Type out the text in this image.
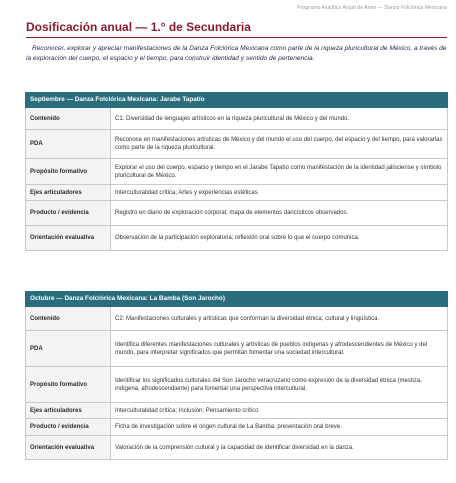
Programa Analítico Anual de Artes — Danza Folclórica Mexicana
Dosificación anual — 1.° de Secundaria
Reconocer, explorar y apreciar manifestaciones de la Danza Folclórica Mexicana como parte de la riqueza pluricultural de México, a través de la exploración del cuerpo, el espacio y el tiempo, para construir identidad y sentido de pertenencia.
Septiembre — Danza Folclórica Mexicana: Jarabe Tapatío	
Contenido	C1: Diversidad de lenguajes artísticos en la riqueza pluricultural de México y del mundo.
PDA	Reconoce en manifestaciones artísticas de México y del mundo el uso del cuerpo, del espacio y del tiempo, para valorarlas como parte de la riqueza pluricultural.
Propósito formativo	Explorar el uso del cuerpo, espacio y tiempo en el Jarabe Tapatío como manifestación de la identidad jalisciense y símbolo pluricultural de México.
Ejes articuladores	Interculturalidad crítica; Artes y experiencias estéticas
Producto / evidencia	Registro en diario de exploración corporal; mapa de elementos dancísticos observados.
Orientación evaluativa	Observación de la participación exploratoria; reflexión oral sobre lo que el cuerpo comunica.
Octubre — Danza Folclórica Mexicana: La Bamba (Son Jarocho)	
Contenido	C2: Manifestaciones culturales y artísticas que conforman la diversidad étnica, cultural y lingüística.
PDA	Identifica diferentes manifestaciones culturales y artísticas de pueblos indígenas y afrodescendientes de México y del mundo, para interpretar significados que permitan fomentar una sociedad intercultural.
Propósito formativo	Identificar los significados culturales del Son Jarocho veracruzano como expresión de la diversidad étnica (mestiza, indígena, afrodescendiente) para fomentar una perspectiva intercultural.
Ejes articuladores	Interculturalidad crítica; Inclusión; Pensamiento crítico
Producto / evidencia	Ficha de investigación sobre el origen cultural de La Bamba; presentación oral breve.
Orientación evaluativa	Valoración de la comprensión cultural y la capacidad de identificar diversidad en la danza.
